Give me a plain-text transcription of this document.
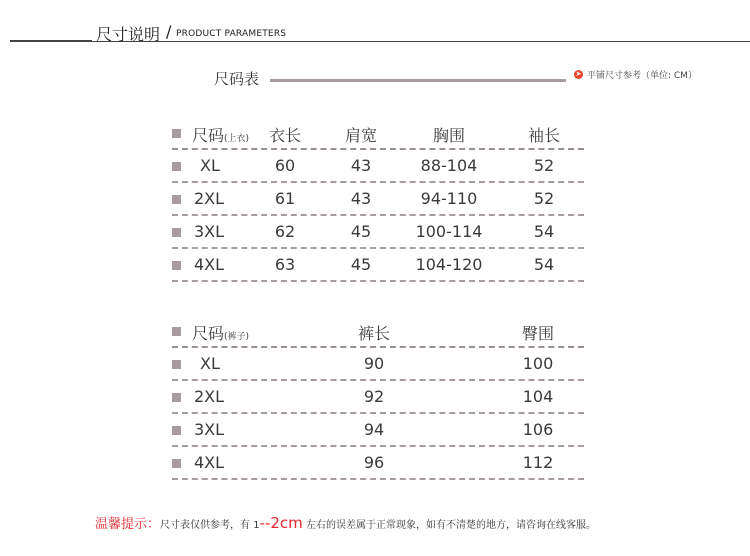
尺寸说明 / PRODUCT PARAMETERS
尺码表	➤ 平铺尺寸参考（单位: CM）
尺码(上衣) 衣长	肩宽	胸围	袖长
XL	60	43	88-104	52
2XL	61	43	94-110	52
3XL	62	45	100-114	54
4XL	63	45	104-120	54
尺码(裤子)	裤长	臀围
XL	90	100
2XL	92	104
3XL	94	106
4XL	96	112
温馨提示：尺寸表仅供参考，有 1--2cm 左右的误差属于正常现象，如有不清楚的地方，请咨询在线客服。
